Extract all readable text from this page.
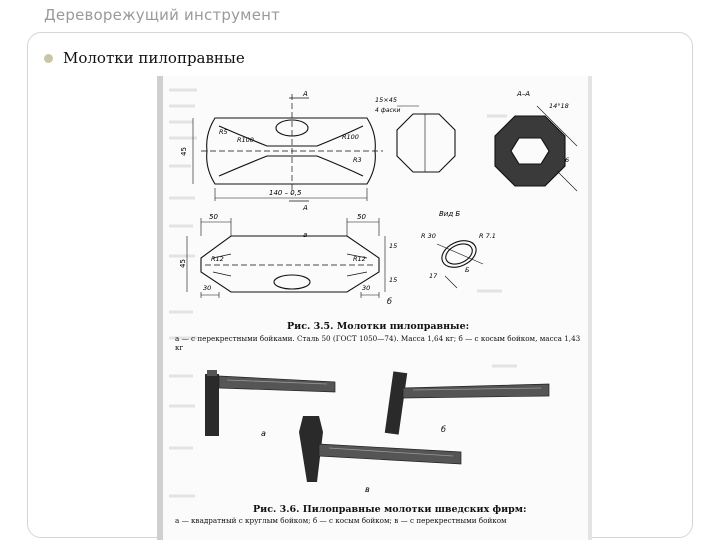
Дереворежущий инструмент
Молотки пилоправные
45
R5
R100	R100
R3
140 – 0,5
A
A
15×45
4 фаски
A–A
14°18
6
50	50
45
R12	R12
15
15
30	30
Вид Б
R 30	R 7.1
17
Б
а
б
а	б
в
Рис. 3.5. Молотки пилоправные:
а — с перекрестными бойками. Сталь 50 (ГОСТ 1050—74). Масса 1,64 кг; б — с косым бойком, масса 1,43 кг
Рис. 3.6. Пилоправные молотки шведских фирм:
а — квадратный с круглым бойком; б — с косым бойком; в — с перекрестными бойком
